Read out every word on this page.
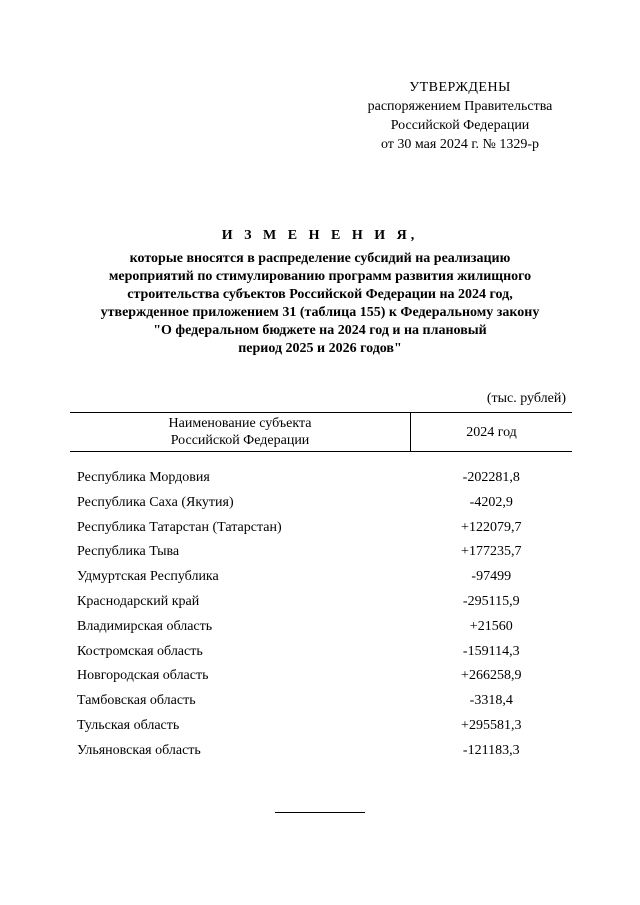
УТВЕРЖДЕНЫ
распоряжением Правительства
Российской Федерации
от 30 мая 2024 г. № 1329-р
И З М Е Н Е Н И Я,
которые вносятся в распределение субсидий на реализацию
мероприятий по стимулированию программ развития жилищного
строительства субъектов Российской Федерации на 2024 год,
утвержденное приложением 31 (таблица 155) к Федеральному закону
"О федеральном бюджете на 2024 год и на плановый
период 2025 и 2026 годов"
(тыс. рублей)
Наименование субъекта
Российской Федерации	2024 год

Республика Мордовия	-202281,8
Республика Саха (Якутия)	-4202,9
Республика Татарстан (Татарстан)	+122079,7
Республика Тыва	+177235,7
Удмуртская Республика	-97499
Краснодарский край	-295115,9
Владимирская область	+21560
Костромская область	-159114,3
Новгородская область	+266258,9
Тамбовская область	-3318,4
Тульская область	+295581,3
Ульяновская область	-121183,3
